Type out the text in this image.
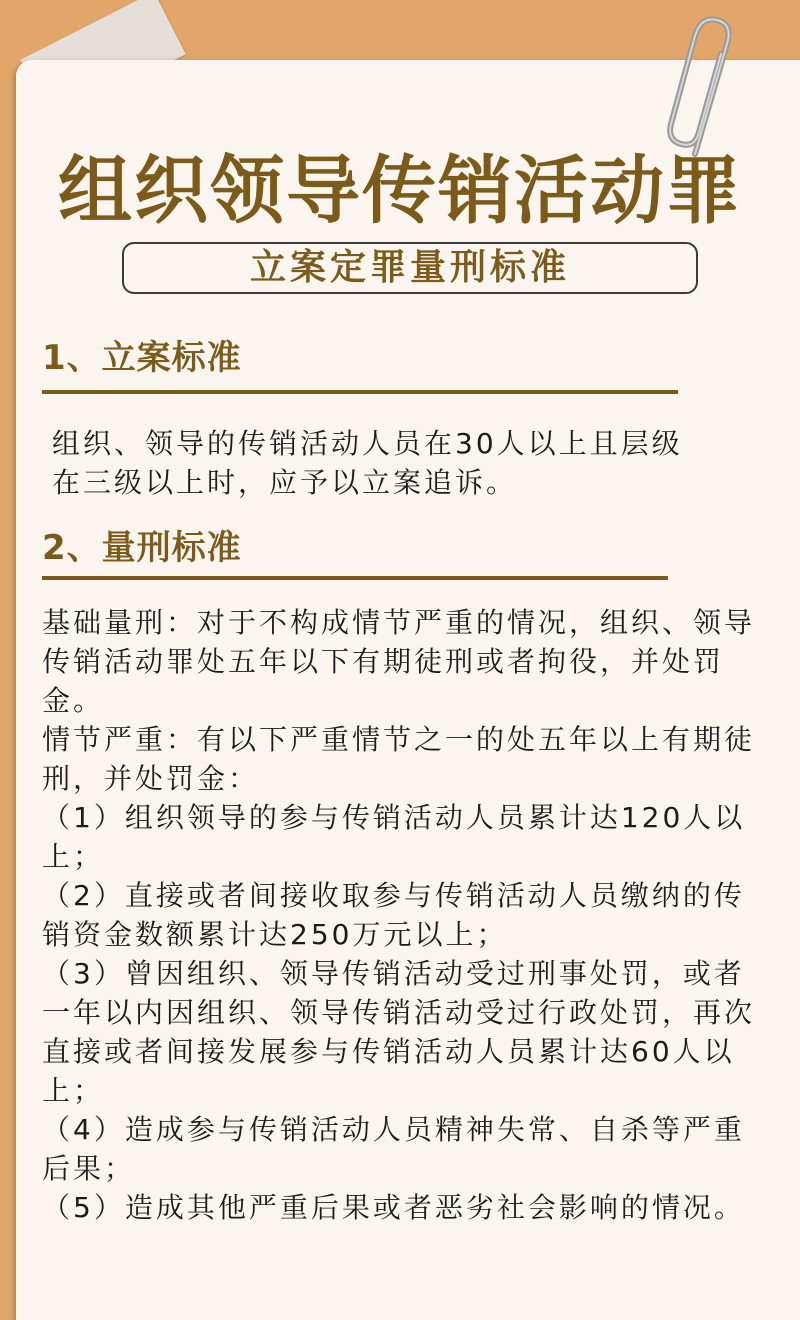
组织领导传销活动罪
立案定罪量刑标准
1、立案标准

组织、领导的传销活动人员在30人以上且层级

在三级以上时，应予以立案追诉。

2、量刑标准

基础量刑：对于不构成情节严重的情况，组织、领导

传销活动罪处五年以下有期徒刑或者拘役，并处罚

金。

情节严重：有以下严重情节之一的处五年以上有期徒

刑，并处罚金：

（1）组织领导的参与传销活动人员累计达120人以

上；

（2）直接或者间接收取参与传销活动人员缴纳的传

销资金数额累计达250万元以上；

（3）曾因组织、领导传销活动受过刑事处罚，或者

一年以内因组织、领导传销活动受过行政处罚，再次

直接或者间接发展参与传销活动人员累计达60人以

上；

（4）造成参与传销活动人员精神失常、自杀等严重

后果；

（5）造成其他严重后果或者恶劣社会影响的情况。
